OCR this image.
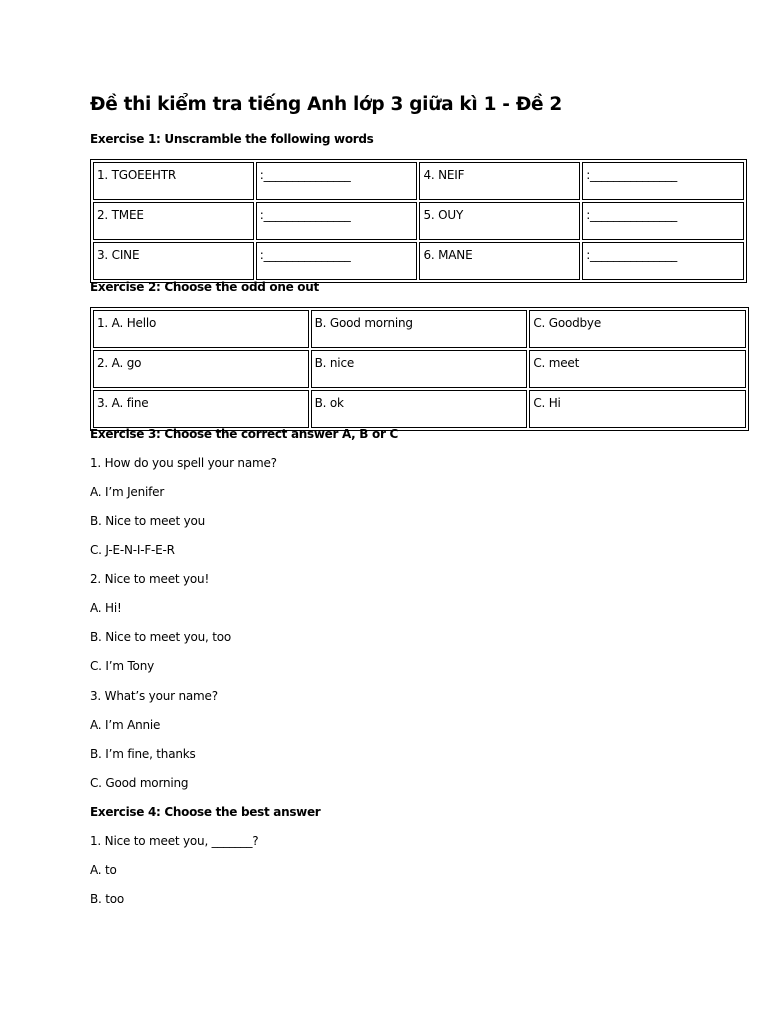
Đề thi kiểm tra tiếng Anh lớp 3 giữa kì 1 - Đề 2
Exercise 1: Unscramble the following words
1. TGOEEHTR	:_______________	4. NEIF	:_______________
2. TMEE	:_______________	5. OUY	:_______________
3. CINE	:_______________	6. MANE	:_______________
Exercise 2: Choose the odd one out
1. A. Hello	B. Good morning	C. Goodbye
2. A. go	B. nice	C. meet
3. A. fine	B. ok	C. Hi
Exercise 3: Choose the correct answer A, B or C
1. How do you spell your name?
A. I’m Jenifer
B. Nice to meet you
C. J-E-N-I-F-E-R
2. Nice to meet you!
A. Hi!
B. Nice to meet you, too
C. I’m Tony
3. What’s your name?
A. I’m Annie
B. I’m fine, thanks
C. Good morning
Exercise 4: Choose the best answer
1. Nice to meet you, _______?
A. to
B. too
